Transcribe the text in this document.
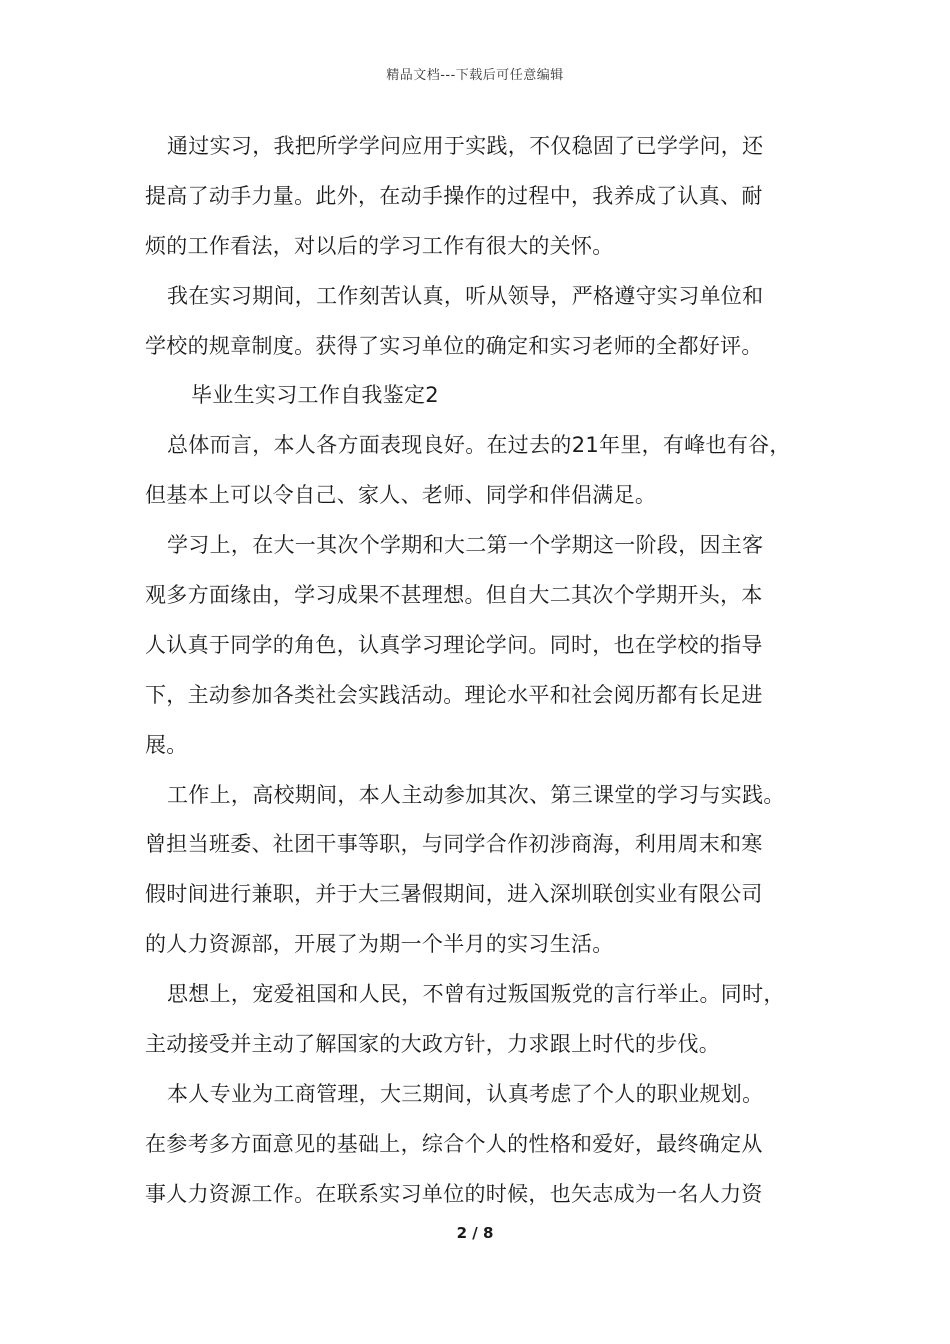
精品文档---下载后可任意编辑
通过实习，我把所学学问应用于实践，不仅稳固了已学学问，还
提高了动手力量。此外，在动手操作的过程中，我养成了认真、耐
烦的工作看法，对以后的学习工作有很大的关怀。
我在实习期间，工作刻苦认真，听从领导，严格遵守实习单位和
学校的规章制度。获得了实习单位的确定和实习老师的全都好评。
毕业生实习工作自我鉴定2
总体而言，本人各方面表现良好。在过去的21年里，有峰也有谷，
但基本上可以令自己、家人、老师、同学和伴侣满足。
学习上，在大一其次个学期和大二第一个学期这一阶段，因主客
观多方面缘由，学习成果不甚理想。但自大二其次个学期开头，本
人认真于同学的角色，认真学习理论学问。同时，也在学校的指导
下，主动参加各类社会实践活动。理论水平和社会阅历都有长足进
展。
工作上，高校期间，本人主动参加其次、第三课堂的学习与实践。
曾担当班委、社团干事等职，与同学合作初涉商海，利用周末和寒
假时间进行兼职，并于大三暑假期间，进入深圳联创实业有限公司
的人力资源部，开展了为期一个半月的实习生活。
思想上，宠爱祖国和人民，不曾有过叛国叛党的言行举止。同时，
主动接受并主动了解国家的大政方针，力求跟上时代的步伐。
本人专业为工商管理，大三期间，认真考虑了个人的职业规划。
在参考多方面意见的基础上，综合个人的性格和爱好，最终确定从
事人力资源工作。在联系实习单位的时候，也矢志成为一名人力资
2 / 8
